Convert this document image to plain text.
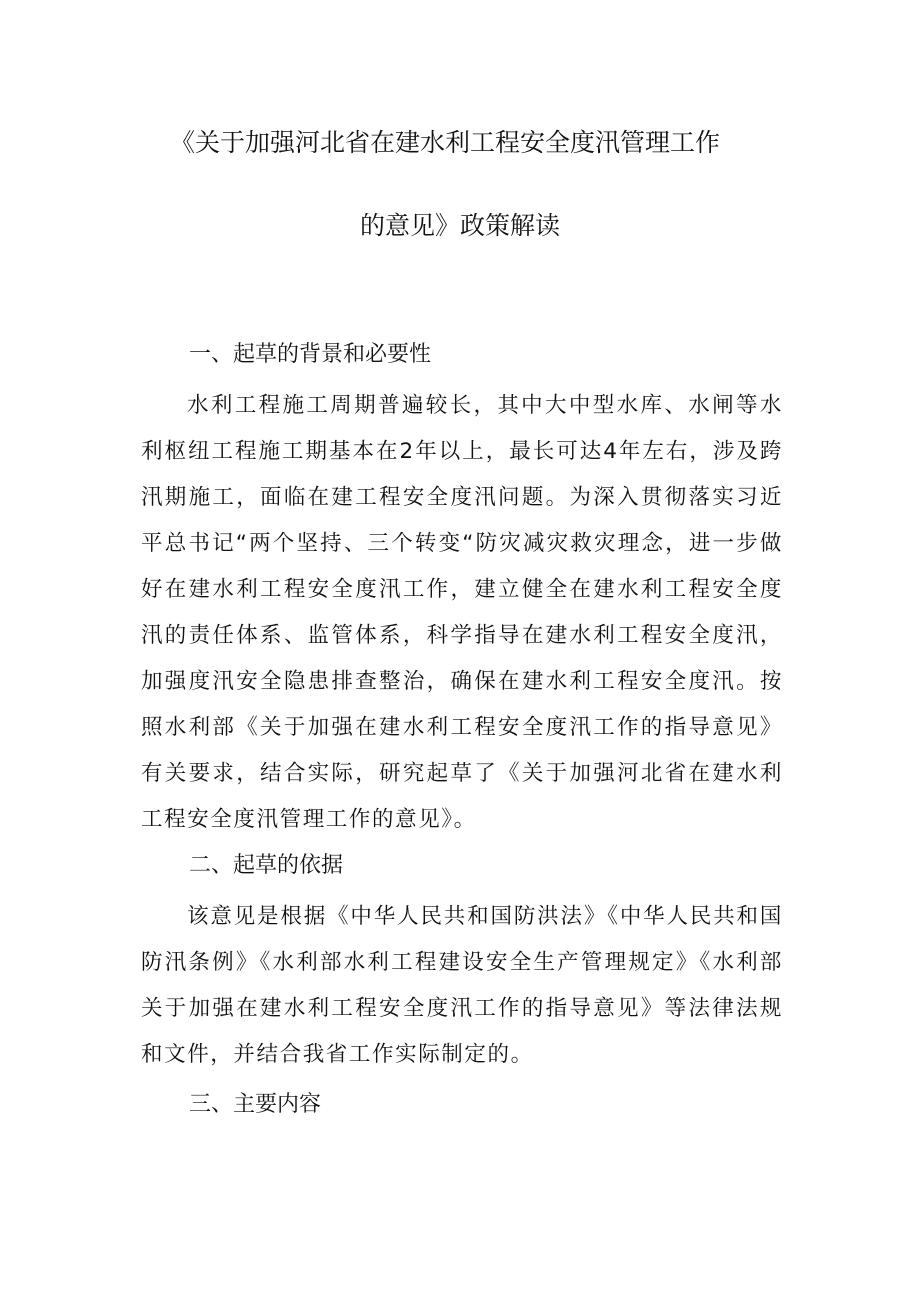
《关于加强河北省在建水利工程安全度汛管理工作
的意见》政策解读
一、起草的背景和必要性
水利工程施工周期普遍较长，其中大中型水库、水闸等水利枢纽工程施工期基本在2年以上，最长可达4年左右，涉及跨汛期施工，面临在建工程安全度汛问题。为深入贯彻落实习近平总书记“两个坚持、三个转变“防灾减灾救灾理念，进一步做好在建水利工程安全度汛工作，建立健全在建水利工程安全度汛的责任体系、监管体系，科学指导在建水利工程安全度汛，加强度汛安全隐患排查整治，确保在建水利工程安全度汛。按照水利部《关于加强在建水利工程安全度汛工作的指导意见》有关要求，结合实际，研究起草了《关于加强河北省在建水利工程安全度汛管理工作的意见》。
二、起草的依据
该意见是根据《中华人民共和国防洪法》《中华人民共和国防汛条例》《水利部水利工程建设安全生产管理规定》《水利部关于加强在建水利工程安全度汛工作的指导意见》等法律法规和文件，并结合我省工作实际制定的。
三、主要内容
